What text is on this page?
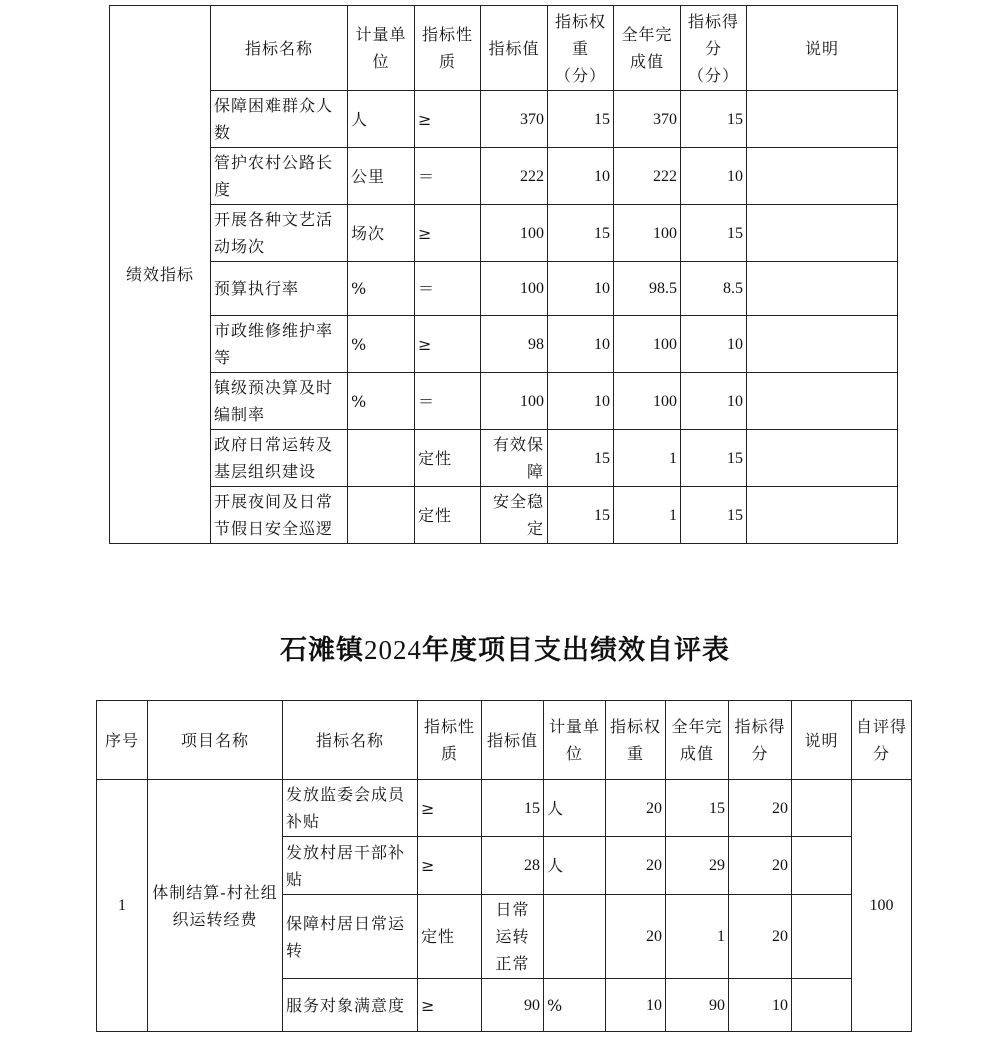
绩效指标	指标名称	计量单位	指标性质	指标值	指标权重（分）	全年完成值	指标得分（分）	说明
	保障困难群众人数	人	≥	370	15	370	15	
	管护农村公路长度	公里	＝	222	10	222	10	
	开展各种文艺活动场次	场次	≥	100	15	100	15	
	预算执行率	%	＝	100	10	98.5	8.5	
	市政维修维护率等	%	≥	98	10	100	10	
	镇级预决算及时编制率	%	＝	100	10	100	10	
	政府日常运转及基层组织建设		定性	有效保障	15	1	15	
	开展夜间及日常节假日安全巡逻		定性	安全稳定	15	1	15	
石滩镇2024年度项目支出绩效自评表
序号	项目名称	指标名称	指标性质	指标值	计量单位	指标权重	全年完成值	指标得分	说明	自评得分
1	体制结算-村社组织运转经费	发放监委会成员补贴	≥	15	人	20	15	20		100
		发放村居干部补贴	≥	28	人	20	29	20		
		保障村居日常运转	定性	日常运转正常		20	1	20		
		服务对象满意度	≥	90	%	10	90	10		
